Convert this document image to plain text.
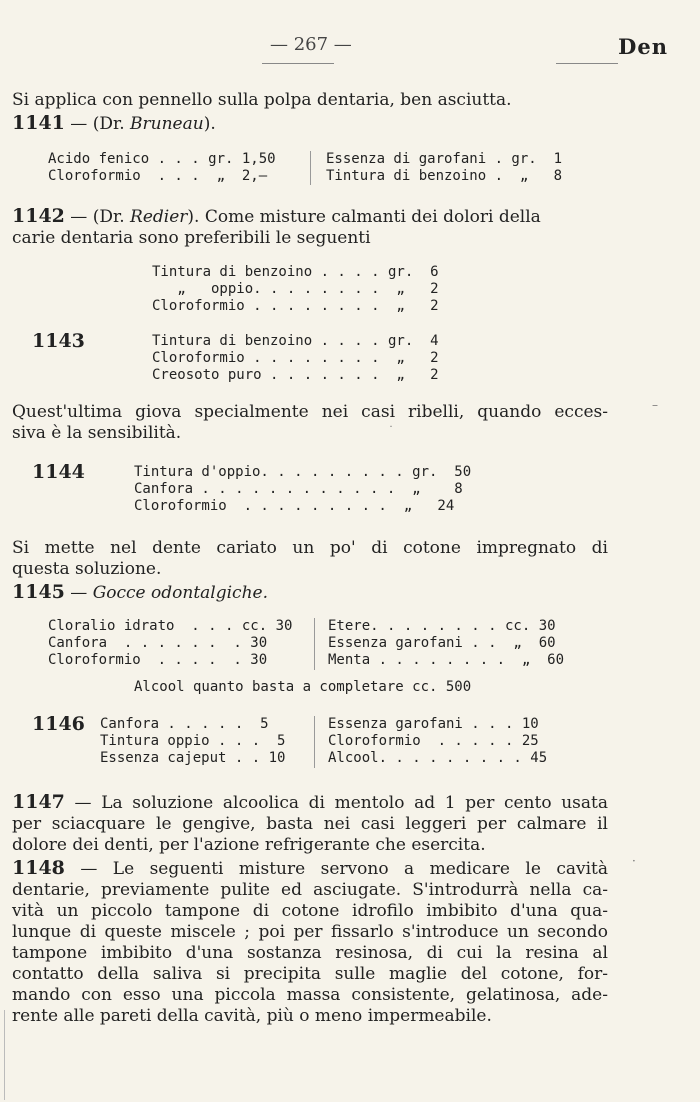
— 267 —	Den
Si applica con pennello sulla polpa dentaria, ben asciutta.
1141 — (Dr. Bruneau).
Acido fenico . . . gr. 1,50
Cloroformio  . . .  „  2,—
Essenza di garofani . gr.  1
Tintura di benzoino .  „   8
1142 — (Dr. Redier). Come misture calmanti dei dolori della
carie dentaria sono preferibili le seguenti
Tintura di benzoino . . . . gr.  6
„   oppio. . . . . . . .  „   2
Cloroformio . . . . . . . .  „   2
1143	Tintura di benzoino . . . . gr.  4
Cloroformio . . . . . . . .  „   2
Creosoto puro . . . . . . .  „   2
Quest'ultima giova specialmente nei casi ribelli, quando ecces-
siva è la sensibilità.	˙
–
1144	Tintura d'oppio. . . . . . . . . gr.  50
Canfora . . . . . . . . . . . .  „    8
Cloroformio  . . . . . . . . .  „   24
Si mette nel dente cariato un po' di cotone impregnato di
questa soluzione.
1145 — Gocce odontalgiche.
Cloralio idrato  . . . cc. 30
Canfora  . . . . . .  . 30
Cloroformio  . . . .  . 30
Etere. . . . . . . . cc. 30
Essenza garofani . .  „  60
Menta . . . . . . . .  „  60
Alcool quanto basta a completare cc. 500
1146 Canfora . . . . .  5
Tintura oppio . . .  5
Essenza cajeput . . 10
Essenza garofani . . . 10
Cloroformio  . . . . . 25
Alcool. . . . . . . . . 45
1147 — La soluzione alcoolica di mentolo ad 1 per cento usata
per sciacquare le gengive, basta nei casi leggeri per calmare il
dolore dei denti, per l'azione refrigerante che esercita.
1148 — Le seguenti misture servono a medicare le cavità
dentarie, previamente pulite ed asciugate. S'introdurrà nella ca-
vità un piccolo tampone di cotone idrofilo imbibito d'una qua-
lunque di queste miscele ; poi per fissarlo s'introduce un secondo
tampone imbibito d'una sostanza resinosa, di cui la resina al
contatto della saliva si precipita sulle maglie del cotone, for-
mando con esso una piccola massa consistente, gelatinosa, ade-
rente alle pareti della cavità, più o meno impermeabile.
·
